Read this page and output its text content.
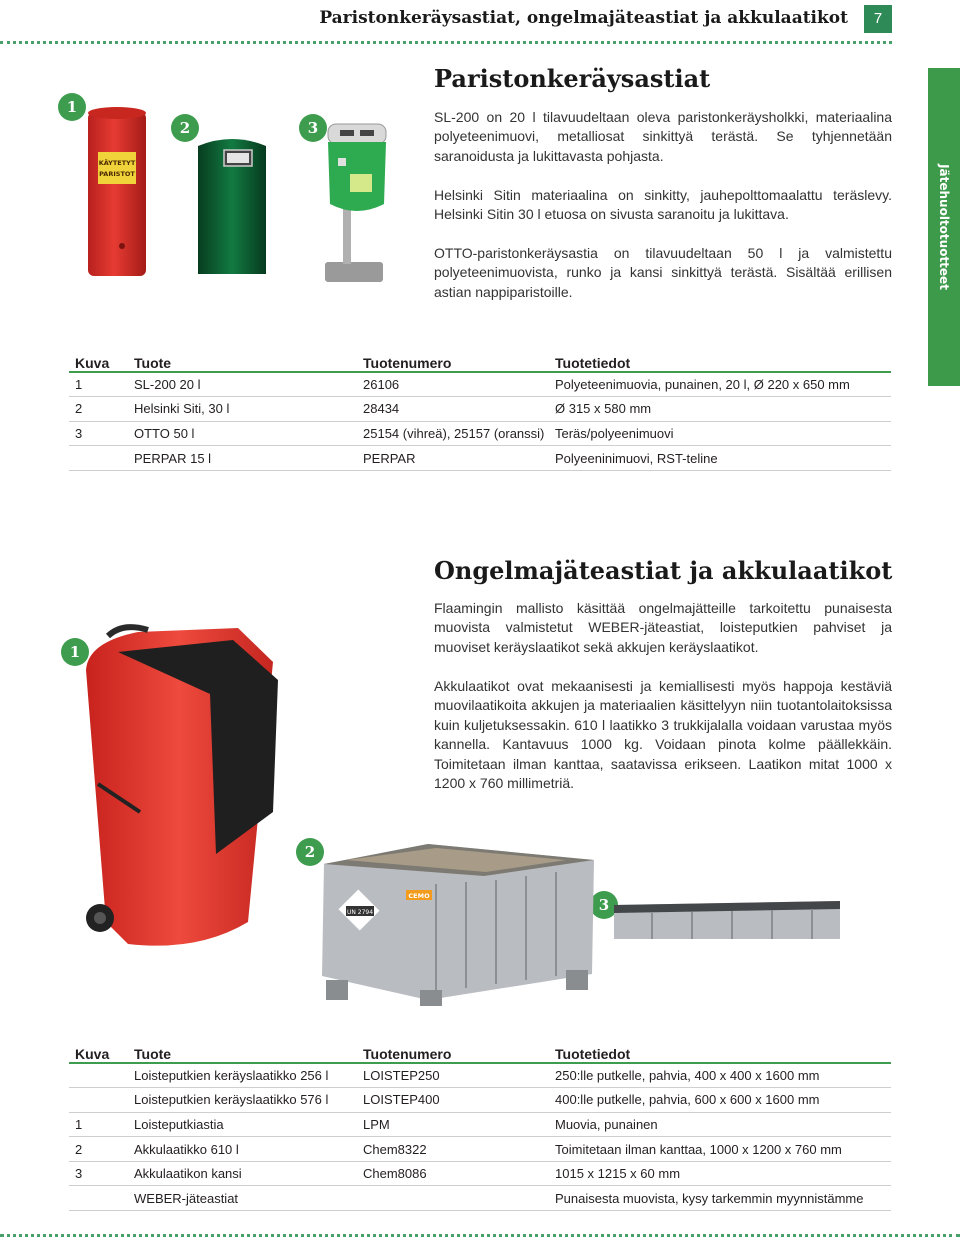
Paristonkeräysastiat, ongelmajäteastiat ja akkulaatikot	7
Jätehuoltotuotteet
1
2	3
KÄYTETYT
PARISTOT
Paristonkeräysastiat
SL-200 on 20 l tilavuudeltaan oleva paristonkeräysholkki, materiaalina polyeteenimuovi, metalliosat sinkittyä terästä. Se tyhjennetään saranoidusta ja lukittavasta pohjasta.
Helsinki Sitin materiaalina on sinkitty, jauhepolttomaalattu teräslevy. Helsinki Sitin 30 l etuosa on sivusta saranoitu ja lukittava.
OTTO-paristonkeräysastia on tilavuudeltaan 50 l ja valmistettu polyeteenimuovista, runko ja kansi sinkittyä terästä. Sisältää erillisen astian nappiparistoille.
Kuva	Tuote	Tuotenumero	Tuotetiedot
1	SL-200 20 l	26106	Polyeteenimuovia, punainen, 20 l, Ø 220 x 650 mm
2	Helsinki Siti, 30 l	28434	Ø 315 x 580 mm
3	OTTO 50 l	25154 (vihreä), 25157 (oranssi)	Teräs/polyeenimuovi
	PERPAR 15 l	PERPAR	Polyeeninimuovi, RST-teline
Ongelmajäteastiat ja akkulaatikot
Flaamingin mallisto käsittää ongelmajätteille tarkoitettu punaisesta muovista valmistetut WEBER-jäteastiat, loisteputkien pahviset ja muoviset keräyslaatikot sekä akkujen keräyslaatikot.
Akkulaatikot ovat mekaanisesti ja kemiallisesti myös happoja kestäviä muovilaatikoita akkujen ja materiaalien käsittelyyn niin tuotantolaitoksissa kuin kuljetuksessakin. 610 l laatikko 3 trukkijalalla voidaan varustaa myös kannella. Kantavuus 1000 kg. Voidaan pinota kolme päällekkäin. Toimitetaan ilman kanttaa, saatavissa erikseen. Laatikon mitat 1000 x 1200 x 760 millimetriä.
1
2
3
UN 2794
CEMO
Kuva	Tuote	Tuotenumero	Tuotetiedot
	Loisteputkien keräyslaatikko 256 l	LOISTEP250	250:lle putkelle, pahvia, 400 x 400 x 1600 mm
	Loisteputkien keräyslaatikko 576 l	LOISTEP400	400:lle putkelle, pahvia, 600 x 600 x 1600 mm
1	Loisteputkiastia	LPM	Muovia, punainen
2	Akkulaatikko 610 l	Chem8322	Toimitetaan ilman kanttaa, 1000 x 1200 x 760 mm
3	Akkulaatikon kansi	Chem8086	1015 x 1215 x 60 mm
	WEBER-jäteastiat		Punaisesta muovista, kysy tarkemmin myynnistämme
